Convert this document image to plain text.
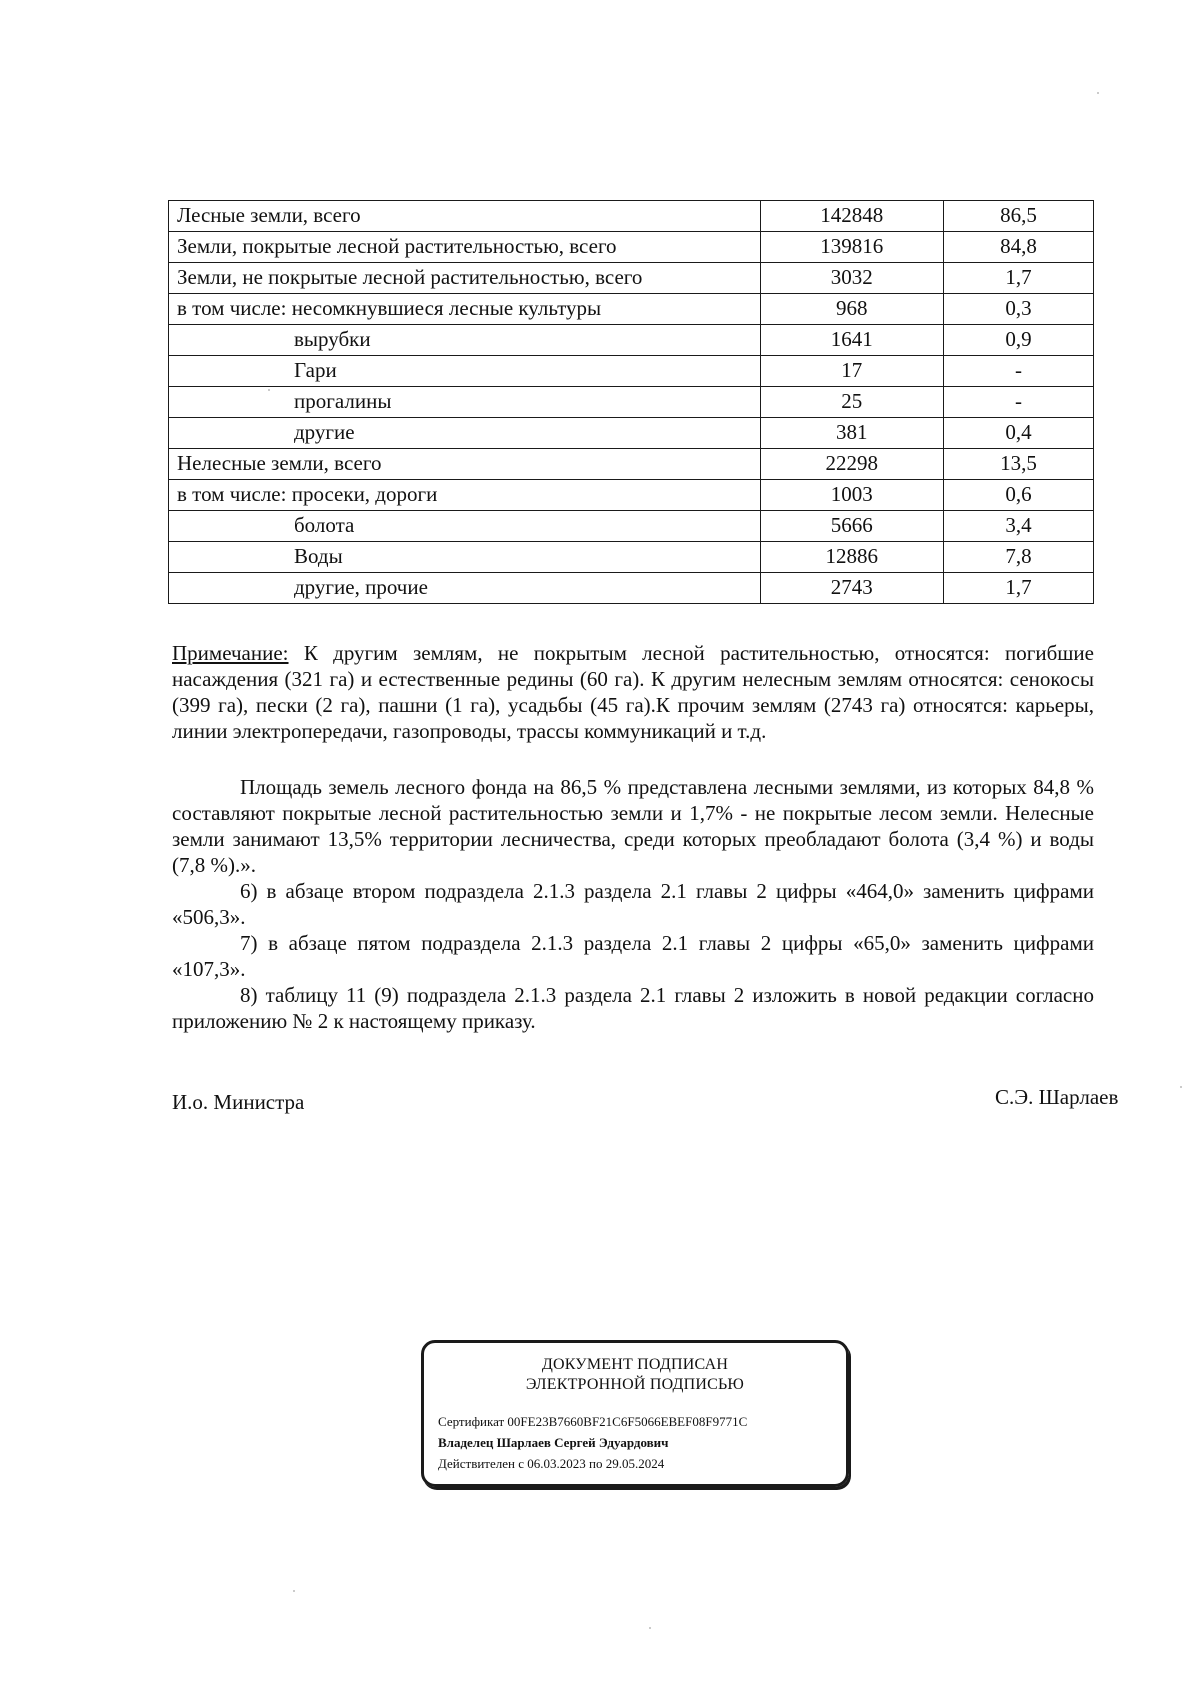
Лесные земли, всего	142848	86,5
Земли, покрытые лесной растительностью, всего	139816	84,8
Земли, не покрытые лесной растительностью, всего	3032	1,7
в том числе: несомкнувшиеся лесные культуры	968	0,3
вырубки	1641	0,9
Гари	17	-
прогалины	25	-
другие	381	0,4
Нелесные земли, всего	22298	13,5
в том числе: просеки, дороги	1003	0,6
болота	5666	3,4
Воды	12886	7,8
другие, прочие	2743	1,7
Примечание: К другим землям, не покрытым лесной растительностью, относятся: погибшие насаждения (321 га) и естественные редины (60 га). К другим нелесным землям относятся: сенокосы (399 га), пески (2 га), пашни (1 га), усадьбы (45 га).К прочим землям (2743 га) относятся: карьеры, линии электропередачи, газопроводы, трассы коммуникаций и т.д.

Площадь земель лесного фонда на 86,5 % представлена лесными землями, из которых 84,8 % составляют покрытые лесной растительностью земли и 1,7% - не покрытые лесом земли. Нелесные земли занимают 13,5% территории лесничества, среди которых преобладают болота (3,4 %) и воды (7,8 %).».

6) в абзаце втором подраздела 2.1.3 раздела 2.1 главы 2 цифры «464,0» заменить цифрами «506,3».

7) в абзаце пятом подраздела 2.1.3 раздела 2.1 главы 2 цифры «65,0» заменить цифрами «107,3».

8) таблицу 11 (9) подраздела 2.1.3 раздела 2.1 главы 2 изложить в новой редакции согласно приложению № 2 к настоящему приказу.

И.о. Министра	С.Э. Шарлаев
ДОКУМЕНТ ПОДПИСАН
ЭЛЕКТРОННОЙ ПОДПИСЬЮ
Сертификат 00FE23B7660BF21C6F5066EBEF08F9771C
Владелец Шарлаев Сергей Эдуардович
Действителен с 06.03.2023 по 29.05.2024
